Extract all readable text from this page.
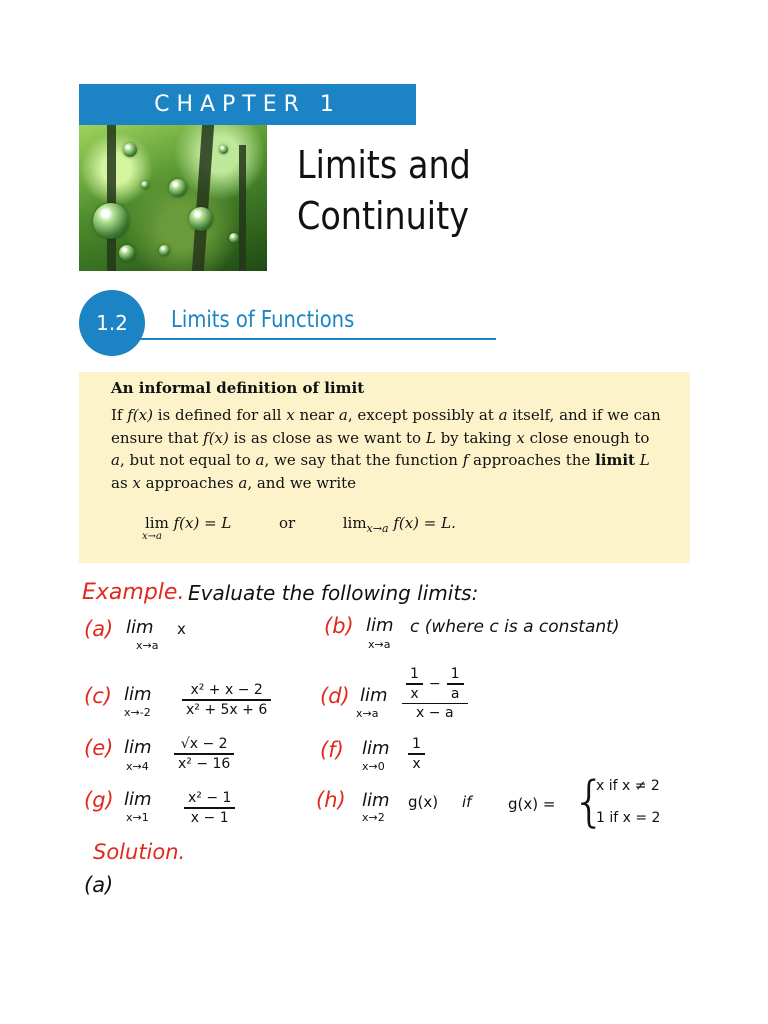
CHAPTER 1
Limits and
Continuity
1.2 Limits of Functions
An informal definition of limit
If f(x) is defined for all x near a, except possibly at a itself, and if we can ensure that f(x) is as close as we want to L by taking x close enough to a, but not equal to a, we say that the function f approaches the limit L as x approaches a, and we write
lim
x→a
f(x) = L	or	$\lim_{x\to a} f(x) = L$.
Example. Evaluate the following limits:
(a) lim
x→a
x	(b) lim
x→a
c (where c is a constant)
(c) lim
x→-2
x² + x − 2
x² + 5x + 6
(d) lim
x→a
$\frac{1}{x} - \frac{1}{a}$
x − a
(e) lim
x→4
√x − 2
x² − 16
(f) lim
x→0
1
x
(g) lim
x→1
x² − 1
x − 1
(h) lim
x→2
g(x) if g(x) = {
x if x ≠ 2
1 if x = 2
Solution.
(a)
